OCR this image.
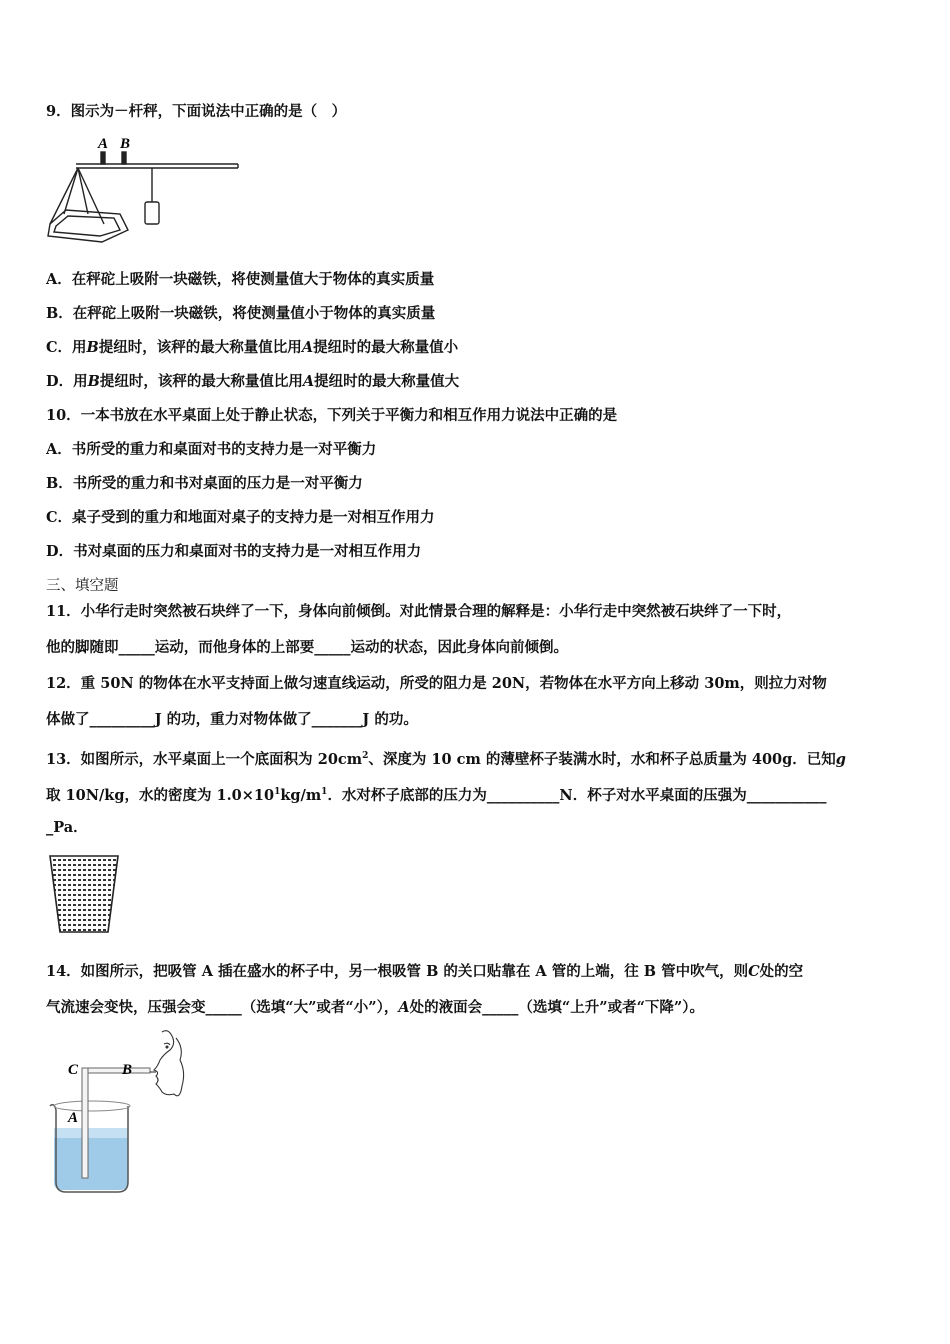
9．图示为－杆秤，下面说法中正确的是（　）
A B
A．在秤砣上吸附一块磁铁，将使测量值大于物体的真实质量
B．在秤砣上吸附一块磁铁，将使测量值小于物体的真实质量
C．用B提纽时，该秤的最大称量值比用A提纽时的最大称量值小
D．用B提纽时，该秤的最大称量值比用A提纽时的最大称量值大
10．一本书放在水平桌面上处于静止状态，下列关于平衡力和相互作用力说法中正确的是
A．书所受的重力和桌面对书的支持力是一对平衡力
B．书所受的重力和书对桌面的压力是一对平衡力
C．桌子受到的重力和地面对桌子的支持力是一对相互作用力
D．书对桌面的压力和桌面对书的支持力是一对相互作用力
三、填空题
11．小华行走时突然被石块绊了一下，身体向前倾倒。对此情景合理的解释是：小华行走中突然被石块绊了一下时，
他的脚随即_____运动，而他身体的上部要_____运动的状态，因此身体向前倾倒。
12．重 50N 的物体在水平支持面上做匀速直线运动，所受的阻力是 20N，若物体在水平方向上移动 30m，则拉力对物
体做了_________J 的功，重力对物体做了_______J 的功。
13．如图所示，水平桌面上一个底面积为 $20cm^2$、深度为 10 cm 的薄壁杯子装满水时，水和杯子总质量为 400g．已知g
取 10N/kg，水的密度为 $1.0\times 10^1kg/m^1$．水对杯子底部的压力为__________N．杯子对水平桌面的压强为___________
_Pa．
14．如图所示，把吸管 A 插在盛水的杯子中，另一根吸管 B 的关口贴靠在 A 管的上端，往 B 管中吹气，则C处的空
气流速会变快，压强会变_____（选填“大”或者“小”），A处的液面会_____（选填“上升”或者“下降”）。
C	B
A
